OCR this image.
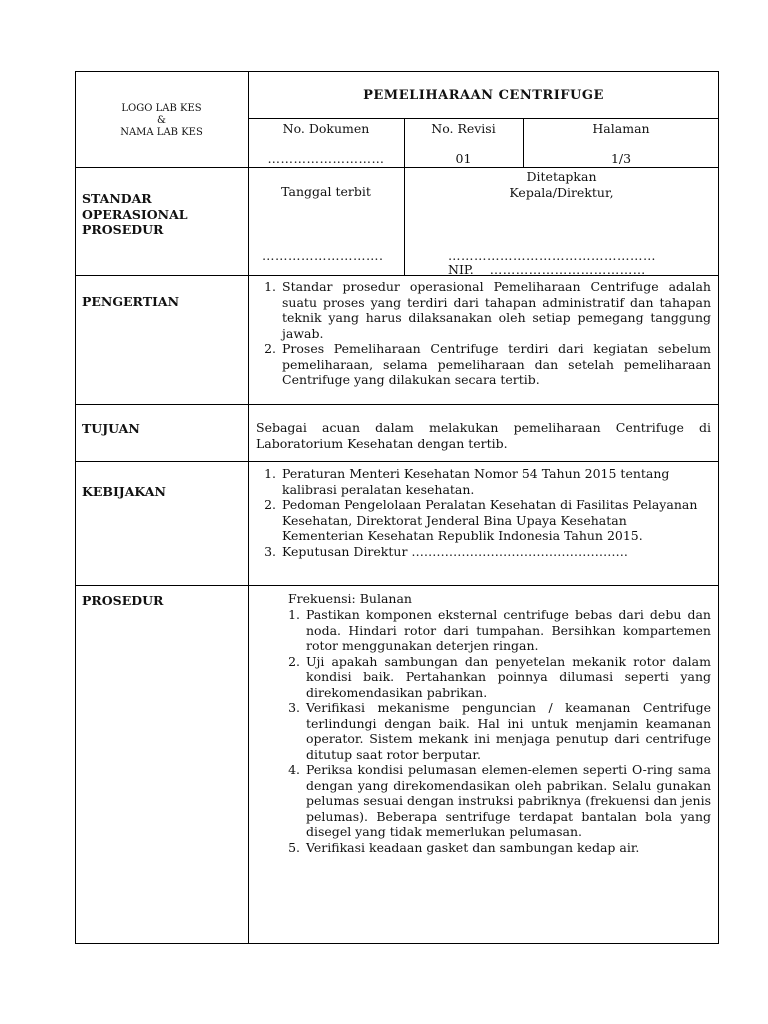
LOGO LAB KES
&
NAMA LAB KES
PEMELIHARAAN CENTRIFUGE
No. Dokumen
………………………
No. Revisi
01
Halaman
1/3
STANDAR
OPERASIONAL
PROSEDUR
Tanggal terbit
……………………….
Ditetapkan
Kepala/Direktur,
…………………………………………
NIP. ………………………………
PENGERTIAN
1. Standar prosedur operasional Pemeliharaan Centrifuge adalah suatu proses yang terdiri dari tahapan administratif dan tahapan teknik yang harus dilaksanakan oleh setiap pemegang tanggung jawab.
2. Proses Pemeliharaan Centrifuge terdiri dari kegiatan sebelum pemeliharaan, selama pemeliharaan dan setelah pemeliharaan Centrifuge yang dilakukan secara tertib.
TUJUAN	Sebagai acuan dalam melakukan pemeliharaan Centrifuge di Laboratorium Kesehatan dengan tertib.
KEBIJAKAN
1. Peraturan Menteri Kesehatan Nomor 54 Tahun 2015 tentang kalibrasi peralatan kesehatan.
2. Pedoman Pengelolaan Peralatan Kesehatan di Fasilitas Pelayanan Kesehatan, Direktorat Jenderal Bina Upaya Kesehatan Kementerian Kesehatan Republik Indonesia Tahun 2015.
3. Keputusan Direktur …………………………………………….
PROSEDUR	Frekuensi: Bulanan
1. Pastikan komponen eksternal centrifuge bebas dari debu dan noda. Hindari rotor dari tumpahan. Bersihkan kompartemen rotor menggunakan deterjen ringan.
2. Uji apakah sambungan dan penyetelan mekanik rotor dalam kondisi baik. Pertahankan poinnya dilumasi seperti yang direkomendasikan pabrikan.
3. Verifikasi mekanisme penguncian / keamanan Centrifuge terlindungi dengan baik. Hal ini untuk menjamin keamanan operator. Sistem mekank ini menjaga penutup dari centrifuge ditutup saat rotor berputar.
4. Periksa kondisi pelumasan elemen-elemen seperti O-ring sama dengan yang direkomendasikan oleh pabrikan. Selalu gunakan pelumas sesuai dengan instruksi pabriknya (frekuensi dan jenis pelumas). Beberapa sentrifuge terdapat bantalan bola yang disegel yang tidak memerlukan pelumasan.
5. Verifikasi keadaan gasket dan sambungan kedap air.
